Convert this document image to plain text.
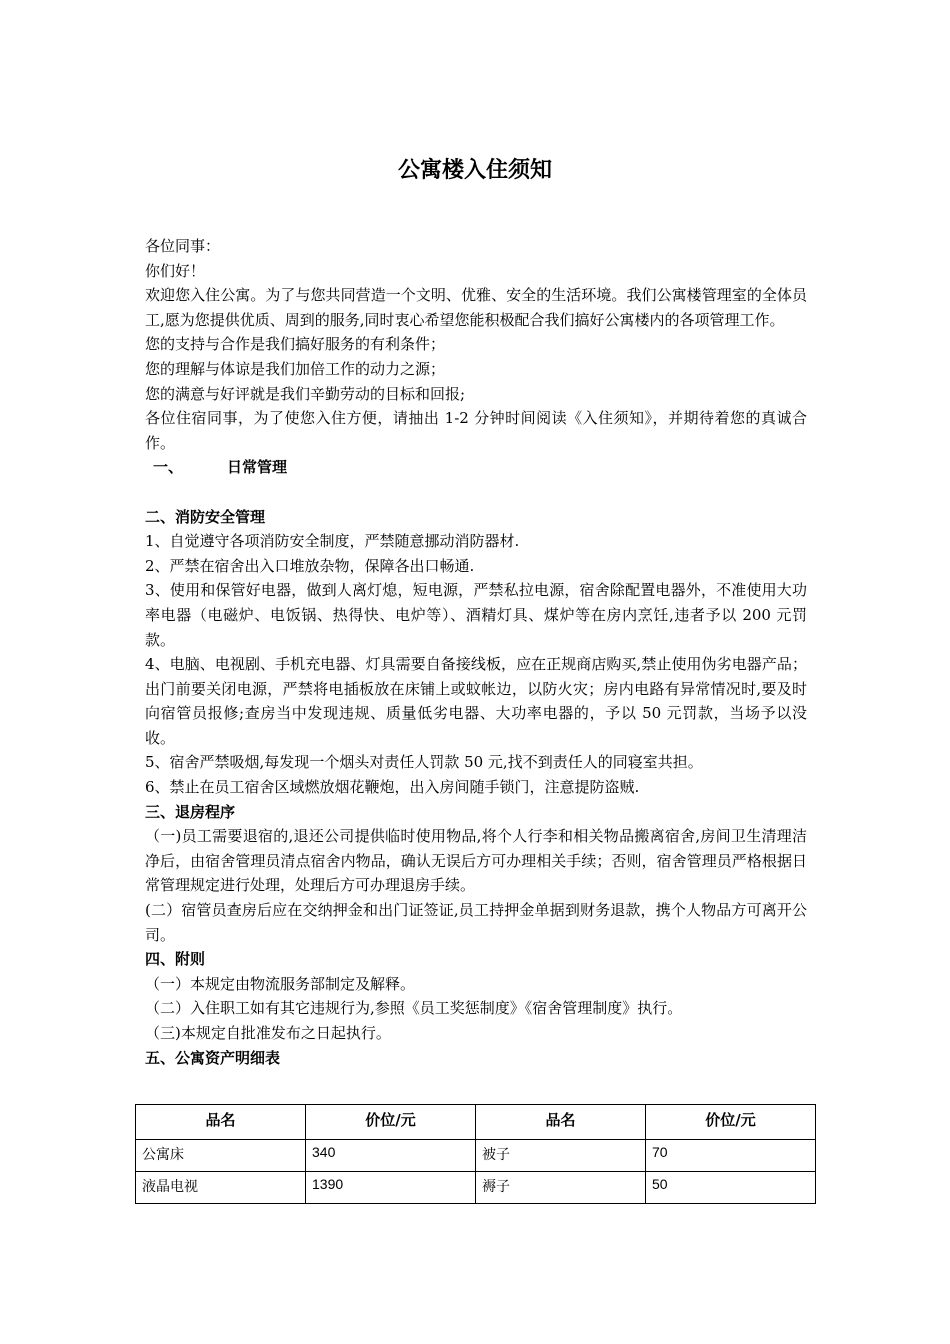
公寓楼入住须知

各位同事：

你们好！

欢迎您入住公寓。为了与您共同营造一个文明、优雅、安全的生活环境。我们公寓楼管理室的全体员工,愿为您提供优质、周到的服务,同时衷心希望您能积极配合我们搞好公寓楼内的各项管理工作。

您的支持与合作是我们搞好服务的有利条件；

您的理解与体谅是我们加倍工作的动力之源；

您的满意与好评就是我们辛勤劳动的目标和回报;

各位住宿同事，为了使您入住方便，请抽出 1-2 分钟时间阅读《入住须知》，并期待着您的真诚合作。

一、	日常管理

二、消防安全管理

1、自觉遵守各项消防安全制度，严禁随意挪动消防器材.

2、严禁在宿舍出入口堆放杂物，保障各出口畅通.

3、使用和保管好电器，做到人离灯熄，短电源，严禁私拉电源，宿舍除配置电器外，不准使用大功率电器（电磁炉、电饭锅、热得快、电炉等）、酒精灯具、煤炉等在房内烹饪,违者予以 200 元罚款。

4、电脑、电视剧、手机充电器、灯具需要自备接线板，应在正规商店购买,禁止使用伪劣电器产品；出门前要关闭电源，严禁将电插板放在床铺上或蚊帐边，以防火灾；房内电路有异常情况时,要及时向宿管员报修;查房当中发现违规、质量低劣电器、大功率电器的，予以 50 元罚款，当场予以没收。

5、宿舍严禁吸烟,每发现一个烟头对责任人罚款 50 元,找不到责任人的同寝室共担。

6、禁止在员工宿舍区域燃放烟花鞭炮，出入房间随手锁门，注意提防盗贼.

三、退房程序

（一)员工需要退宿的,退还公司提供临时使用物品,将个人行李和相关物品搬离宿舍,房间卫生清理洁净后，由宿舍管理员清点宿舍内物品，确认无误后方可办理相关手续；否则，宿舍管理员严格根据日常管理规定进行处理，处理后方可办理退房手续。

(二）宿管员查房后应在交纳押金和出门证签证,员工持押金单据到财务退款，携个人物品方可离开公司。

四、附则

（一）本规定由物流服务部制定及解释。

（二）入住职工如有其它违规行为,参照《员工奖惩制度》《宿舍管理制度》执行。

（三)本规定自批准发布之日起执行。

五、公寓资产明细表

品名	价位/元	品名	价位/元
公寓床	340	被子	70
液晶电视	1390	褥子	50
